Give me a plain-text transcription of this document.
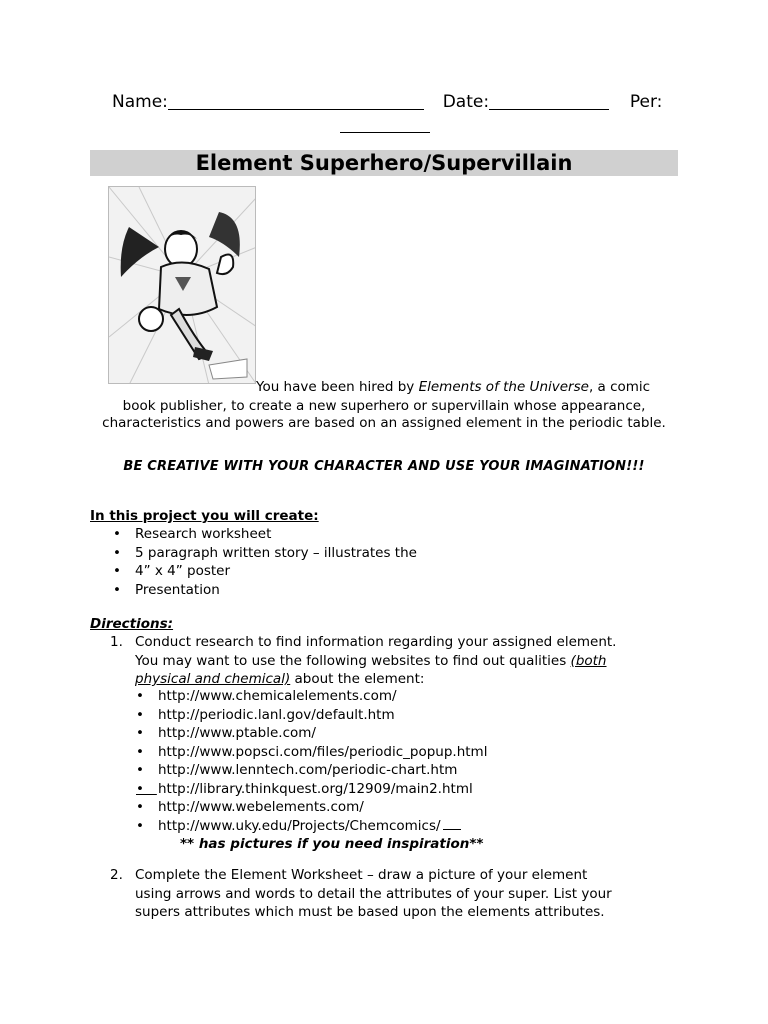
Name:	Date:	Per:
Element Superhero/Supervillain
You have been hired by Elements of the Universe, a comic
book publisher, to create a new superhero or supervillain whose appearance,
characteristics and powers are based on an assigned element in the periodic table.
BE CREATIVE WITH YOUR CHARACTER AND USE YOUR IMAGINATION!!!
In this project you will create:
• Research worksheet
• 5 paragraph written story – illustrates the
• 4” x 4” poster
• Presentation
Directions:
1. Conduct research to find information regarding your assigned element.

You may want to use the following websites to find out qualities (both

physical and chemical) about the element:

• http://www.chemicalelements.com/
• http://periodic.lanl.gov/default.htm
• http://www.ptable.com/
• http://www.popsci.com/files/periodic_popup.html
• http://www.lenntech.com/periodic-chart.htm
• http://library.thinkquest.org/12909/main2.html
• http://www.webelements.com/
• http://www.uky.edu/Projects/Chemcomics/
** has pictures if you need inspiration**
2. Complete the Element Worksheet – draw a picture of your element

using arrows and words to detail the attributes of your super. List your

supers attributes which must be based upon the elements attributes.
